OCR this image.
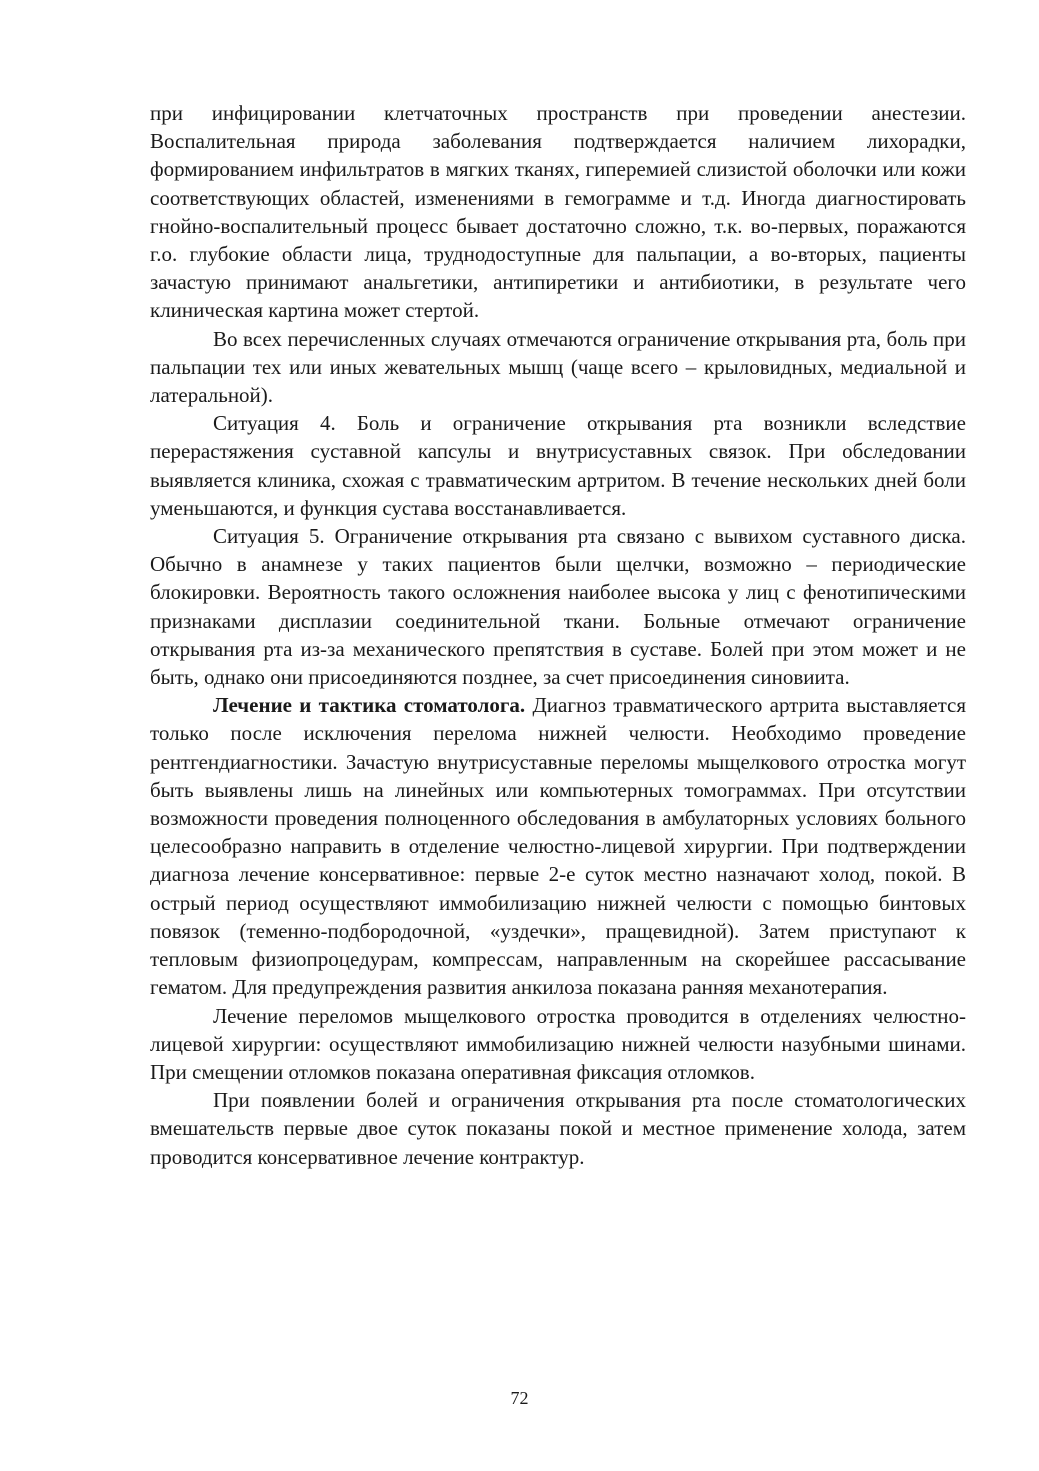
при инфицировании клетчаточных пространств при проведении анестезии. Воспалительная природа заболевания подтверждается наличием лихорадки, формированием инфильтратов в мягких тканях, гиперемией слизистой оболочки или кожи соответствующих областей, изменениями в гемограмме и т.д. Иногда диагностировать гнойно-воспалительный процесс бывает достаточно сложно, т.к. во-первых, поражаются г.о. глубокие области лица, труднодоступные для пальпации, а во-вторых, пациенты зачастую принимают анальгетики, антипиретики и антибиотики, в результате чего клиническая картина может стертой.

Во всех перечисленных случаях отмечаются ограничение открывания рта, боль при пальпации тех или иных жевательных мышц (чаще всего – крыловидных, медиальной и латеральной).

Ситуация 4. Боль и ограничение открывания рта возникли вследствие перерастяжения суставной капсулы и внутрисуставных связок. При обследовании выявляется клиника, схожая с травматическим артритом. В течение нескольких дней боли уменьшаются, и функция сустава восстанавливается.

Ситуация 5. Ограничение открывания рта связано с вывихом суставного диска. Обычно в анамнезе у таких пациентов были щелчки, возможно – периодические блокировки. Вероятность такого осложнения наиболее высока у лиц с фенотипическими признаками дисплазии соединительной ткани. Больные отмечают ограничение открывания рта из-за механического препятствия в суставе. Болей при этом может и не быть, однако они присоединяются позднее, за счет присоединения синовиита.

Лечение и тактика стоматолога. Диагноз травматического артрита выставляется только после исключения перелома нижней челюсти. Необходимо проведение рентгендиагностики. Зачастую внутрисуставные переломы мыщелкового отростка могут быть выявлены лишь на линейных или компьютерных томограммах. При отсутствии возможности проведения полноценного обследования в амбулаторных условиях больного целесообразно направить в отделение челюстно-лицевой хирургии. При подтверждении диагноза лечение консервативное: первые 2-е суток местно назначают холод, покой. В острый период осуществляют иммобилизацию нижней челюсти с помощью бинтовых повязок (теменно-подбородочной, «уздечки», пращевидной). Затем приступают к тепловым физиопроцедурам, компрессам, направленным на скорейшее рассасывание гематом. Для предупреждения развития анкилоза показана ранняя механотерапия.

Лечение переломов мыщелкового отростка проводится в отделениях челюстно-лицевой хирургии: осуществляют иммобилизацию нижней челюсти назубными шинами. При смещении отломков показана оперативная фиксация отломков.

При появлении болей и ограничения открывания рта после стоматологических вмешательств первые двое суток показаны покой и местное применение холода, затем проводится консервативное лечение контрактур.

72
